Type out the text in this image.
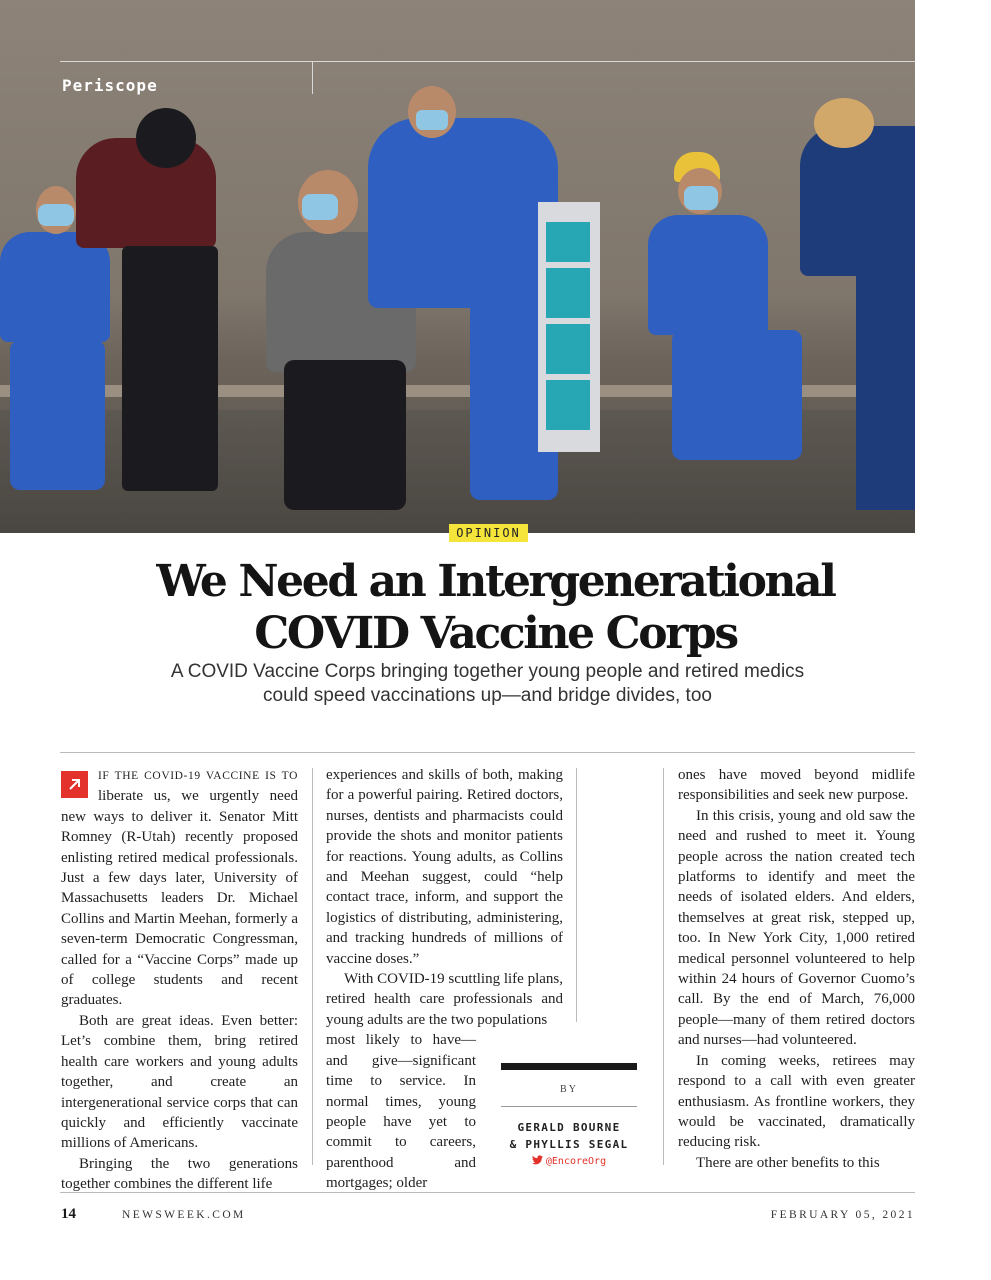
Periscope
OPINION
We Need an Intergenerational
COVID Vaccine Corps
A COVID Vaccine Corps bringing together young people and retired medics
could speed vaccinations up—and bridge divides, too

IF THE COVID-19 VACCINE IS TO liberate us, we urgently need new ways to deliver it. Senator Mitt Romney (R-Utah) recently proposed enlisting retired medical professionals. Just a few days later, University of Massachusetts leaders Dr. Michael Collins and Martin Meehan, formerly a seven-term Democratic Congressman, called for a “Vaccine Corps” made up of college students and recent graduates.

Both are great ideas. Even better: Let’s combine them, bring retired health care workers and young adults together, and create an intergenerational service corps that can quickly and efficiently vaccinate millions of Americans.

Bringing the two generations together combines the different life

experiences and skills of both, making for a powerful pairing. Retired doctors, nurses, dentists and pharmacists could provide the shots and monitor patients for reactions. Young adults, as Collins and Meehan suggest, could “help contact trace, inform, and support the logistics of distributing, administering, and tracking hundreds of millions of vaccine doses.”

With COVID-19 scuttling life plans, retired health care professionals and young adults are the two populations

most likely to have—and give—significant time to service. In normal times, young people have yet to commit to careers, parenthood and mortgages; older

BY
GERALD BOURNE
& PHYLLIS SEGAL
@EncoreOrg

ones have moved beyond midlife responsibilities and seek new purpose.

In this crisis, young and old saw the need and rushed to meet it. Young people across the nation created tech platforms to identify and meet the needs of isolated elders. And elders, themselves at great risk, stepped up, too. In New York City, 1,000 retired medical personnel volunteered to help within 24 hours of Governor Cuomo’s call. By the end of March, 76,000 people—many of them retired doctors and nurses—had volunteered.

In coming weeks, retirees may respond to a call with even greater enthusiasm. As frontline workers, they would be vaccinated, dramatically reducing risk.

There are other benefits to this

14	NEWSWEEK.COM	FEBRUARY 05, 2021
